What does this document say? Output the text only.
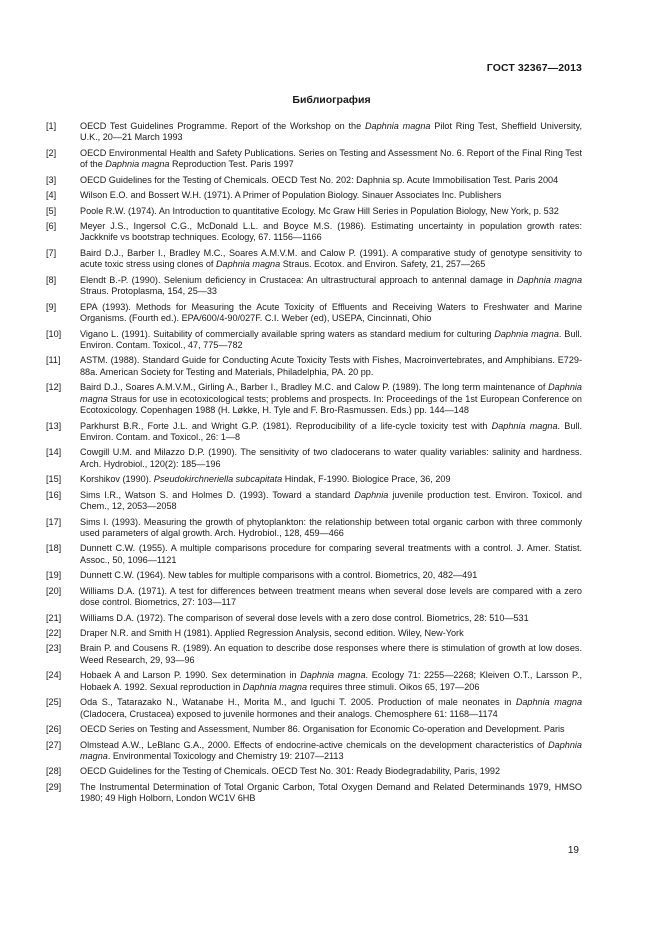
ГОСТ 32367—2013
Библиография
[1]	OECD Test Guidelines Programme. Report of the Workshop on the Daphnia magna Pilot Ring Test, Sheffield University, U.K., 20—21 March 1993
[2]	OECD Environmental Health and Safety Publications. Series on Testing and Assessment No. 6. Report of the Final Ring Test of the Daphnia magna Reproduction Test. Paris 1997
[3]	OECD Guidelines for the Testing of Chemicals. OECD Test No. 202: Daphnia sp. Acute Immobilisation Test. Paris 2004
[4]	Wilson E.O. and Bossert W.H. (1971). A Primer of Population Biology. Sinauer Associates Inc. Publishers
[5]	Poole R.W. (1974). An Introduction to quantitative Ecology. Mc Graw Hill Series in Population Biology, New York, p. 532
[6]	Meyer J.S., Ingersol C.G., McDonald L.L. and Boyce M.S. (1986). Estimating uncertainty in population growth rates: Jackknife vs bootstrap techniques. Ecology, 67. 1156—1166
[7]	Baird D.J., Barber I., Bradley M.C., Soares A.M.V.M. and Calow P. (1991). A comparative study of genotype sensitivity to acute toxic stress using clones of Daphnia magna Straus. Ecotox. and Environ. Safety, 21, 257—265
[8]	Elendt B.-P. (1990). Selenium deficiency in Crustacea: An ultrastructural approach to antennal damage in Daphnia magna Straus. Protoplasma, 154, 25—33
[9]	EPA (1993). Methods for Measuring the Acute Toxicity of Effluents and Receiving Waters to Freshwater and Marine Organisms. (Fourth ed.). EPA/600/4-90/027F. C.I. Weber (ed), USEPA, Cincinnati, Ohio
[10]	Vigano L. (1991). Suitability of commercially available spring waters as standard medium for culturing Daphnia magna. Bull. Environ. Contam. Toxicol., 47, 775—782
[11]	ASTM. (1988). Standard Guide for Conducting Acute Toxicity Tests with Fishes, Macroinvertebrates, and Amphibians. E729-88a. American Society for Testing and Materials, Philadelphia, PA. 20 pp.
[12]	Baird D.J., Soares A.M.V.M., Girling A., Barber I., Bradley M.C. and Calow P. (1989). The long term maintenance of Daphnia magna Straus for use in ecotoxicological tests; problems and prospects. In: Proceedings of the 1st European Conference on Ecotoxicology. Copenhagen 1988 (H. Løkke, H. Tyle and F. Bro-Rasmussen. Eds.) pp. 144—148
[13]	Parkhurst B.R., Forte J.L. and Wright G.P. (1981). Reproducibility of a life-cycle toxicity test with Daphnia magna. Bull. Environ. Contam. and Toxicol., 26: 1—8
[14]	Cowgill U.M. and Milazzo D.P. (1990). The sensitivity of two cladocerans to water quality variables: salinity and hardness. Arch. Hydrobiol., 120(2): 185—196
[15]	Korshikov (1990). Pseudokirchneriella subcapitata Hindak, F-1990. Biologice Prace, 36, 209
[16]	Sims I.R., Watson S. and Holmes D. (1993). Toward a standard Daphnia juvenile production test. Environ. Toxicol. and Chem., 12, 2053—2058
[17]	Sims I. (1993). Measuring the growth of phytoplankton: the relationship between total organic carbon with three commonly used parameters of algal growth. Arch. Hydrobiol., 128, 459—466
[18]	Dunnett C.W. (1955). A multiple comparisons procedure for comparing several treatments with a control. J. Amer. Statist. Assoc., 50, 1096—1121
[19]	Dunnett C.W. (1964). New tables for multiple comparisons with a control. Biometrics, 20, 482—491
[20]	Williams D.A. (1971). A test for differences between treatment means when several dose levels are compared with a zero dose control. Biometrics, 27: 103—117
[21]	Williams D.A. (1972). The comparison of several dose levels with a zero dose control. Biometrics, 28: 510—531
[22]	Draper N.R. and Smith H (1981). Applied Regression Analysis, second edition. Wiley, New-York
[23]	Brain P. and Cousens R. (1989). An equation to describe dose responses where there is stimulation of growth at low doses. Weed Research, 29, 93—96
[24]	Hobaek A and Larson P. 1990. Sex determination in Daphnia magna. Ecology 71: 2255—2268; Kleiven O.T., Larsson P., Hobaek A. 1992. Sexual reproduction in Daphnia magna requires three stimuli. Oikos 65, 197—206
[25]	Oda S., Tatarazako N., Watanabe H., Morita M., and Iguchi T. 2005. Production of male neonates in Daphnia magna (Cladocera, Crustacea) exposed to juvenile hormones and their analogs. Chemosphere 61: 1168—1174
[26]	OECD Series on Testing and Assessment, Number 86. Organisation for Economic Co-operation and Development. Paris
[27]	Olmstead A.W., LeBlanc G.A., 2000. Effects of endocrine-active chemicals on the development characteristics of Daphnia magna. Environmental Toxicology and Chemistry 19: 2107—2113
[28]	OECD Guidelines for the Testing of Chemicals. OECD Test No. 301: Ready Biodegradability, Paris, 1992
[29]	The Instrumental Determination of Total Organic Carbon, Total Oxygen Demand and Related Determinands 1979, HMSO 1980; 49 High Holborn, London WC1V 6HB
19
